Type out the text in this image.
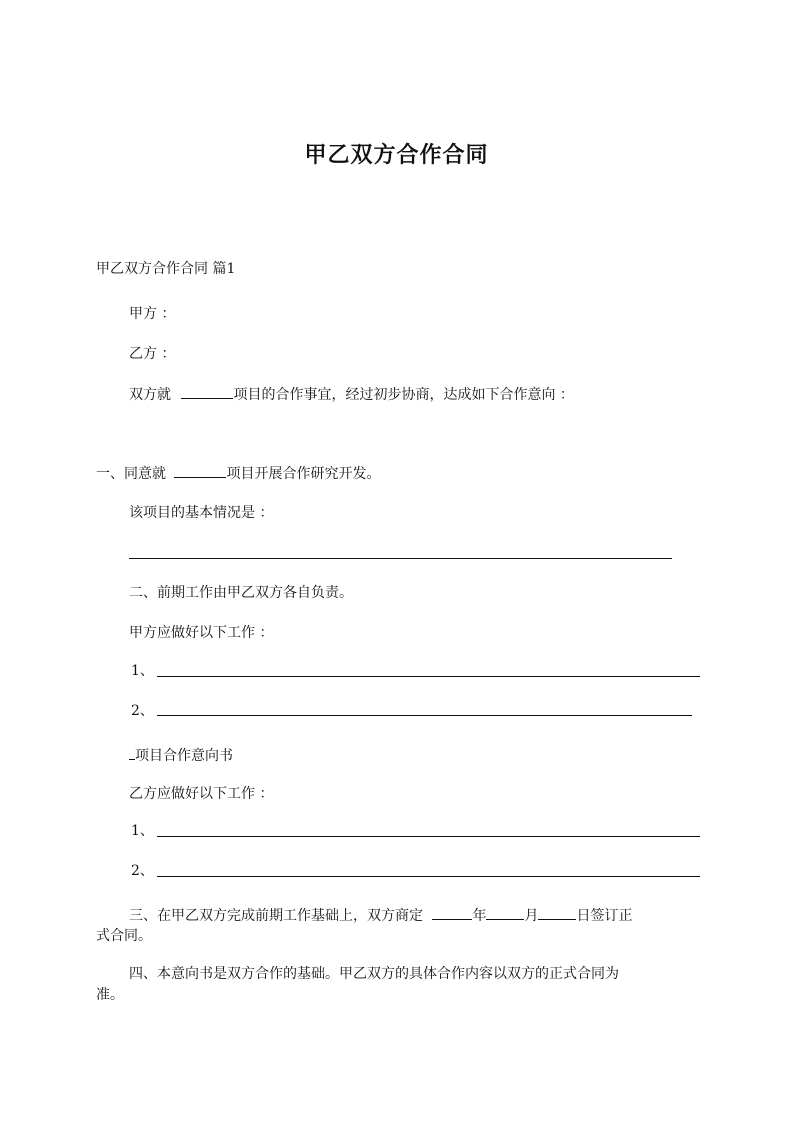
甲乙双方合作合同
甲乙双方合作合同 篇1
甲方 ：
乙方 ：
双方就	项目的合作事宜，经过初步协商，达成如下合作意向 ：
一、同意就	项目开展合作研究开发。
该项目的基本情况是 ：
二、前期工作由甲乙双方各自负责。
甲方应做好以下工作 ：
1、
2、
项目合作意向书
乙方应做好以下工作 ：
1、
2、
三、在甲乙双方完成前期工作基础上，双方商定	年	月	日签订正
式合同。
四、本意向书是双方合作的基础。甲乙双方的具体合作内容以双方的正式合同为
准。
